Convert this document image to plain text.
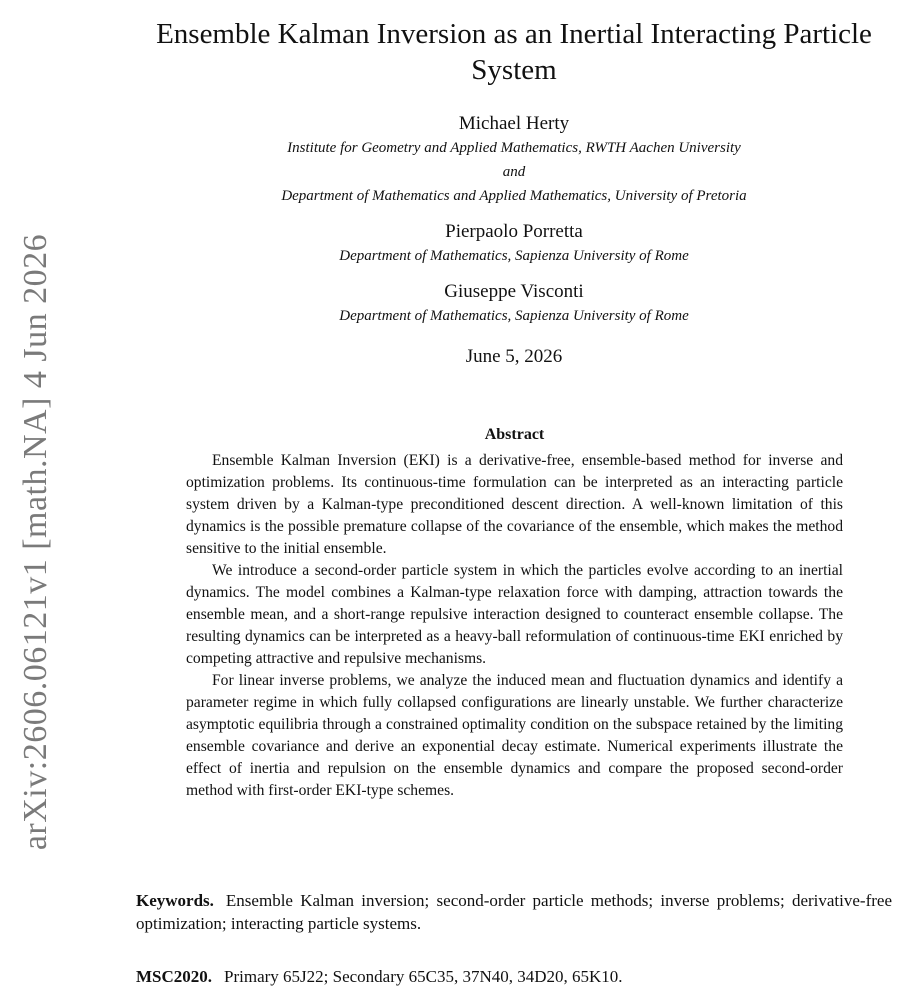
arXiv:2606.06121v1 [math.NA] 4 Jun 2026
Ensemble Kalman Inversion as an Inertial Interacting Particle
System
Michael Herty
Institute for Geometry and Applied Mathematics, RWTH Aachen University
and
Department of Mathematics and Applied Mathematics, University of Pretoria
Pierpaolo Porretta
Department of Mathematics, Sapienza University of Rome
Giuseppe Visconti
Department of Mathematics, Sapienza University of Rome
June 5, 2026
Abstract

Ensemble Kalman Inversion (EKI) is a derivative-free, ensemble-based method for inverse and optimization problems. Its continuous-time formulation can be interpreted as an interacting particle system driven by a Kalman-type preconditioned descent direction. A well-known limitation of this dynamics is the possible premature collapse of the covariance of the ensemble, which makes the method sensitive to the initial ensemble.

We introduce a second-order particle system in which the particles evolve according to an inertial dynamics. The model combines a Kalman-type relaxation force with damping, attraction towards the ensemble mean, and a short-range repulsive interaction designed to counteract ensemble collapse. The resulting dynamics can be interpreted as a heavy-ball reformulation of continuous-time EKI enriched by competing attractive and repulsive mechanisms.

For linear inverse problems, we analyze the induced mean and fluctuation dynamics and identify a parameter regime in which fully collapsed configurations are linearly unstable. We further characterize asymptotic equilibria through a constrained optimality condition on the subspace retained by the limiting ensemble covariance and derive an exponential decay estimate. Numerical experiments illustrate the effect of inertia and repulsion on the ensemble dynamics and compare the proposed second-order method with first-order EKI-type schemes.

Keywords. Ensemble Kalman inversion; second-order particle methods; inverse problems; derivative-free optimization; interacting particle systems.
MSC2020. Primary 65J22; Secondary 65C35, 37N40, 34D20, 65K10.
